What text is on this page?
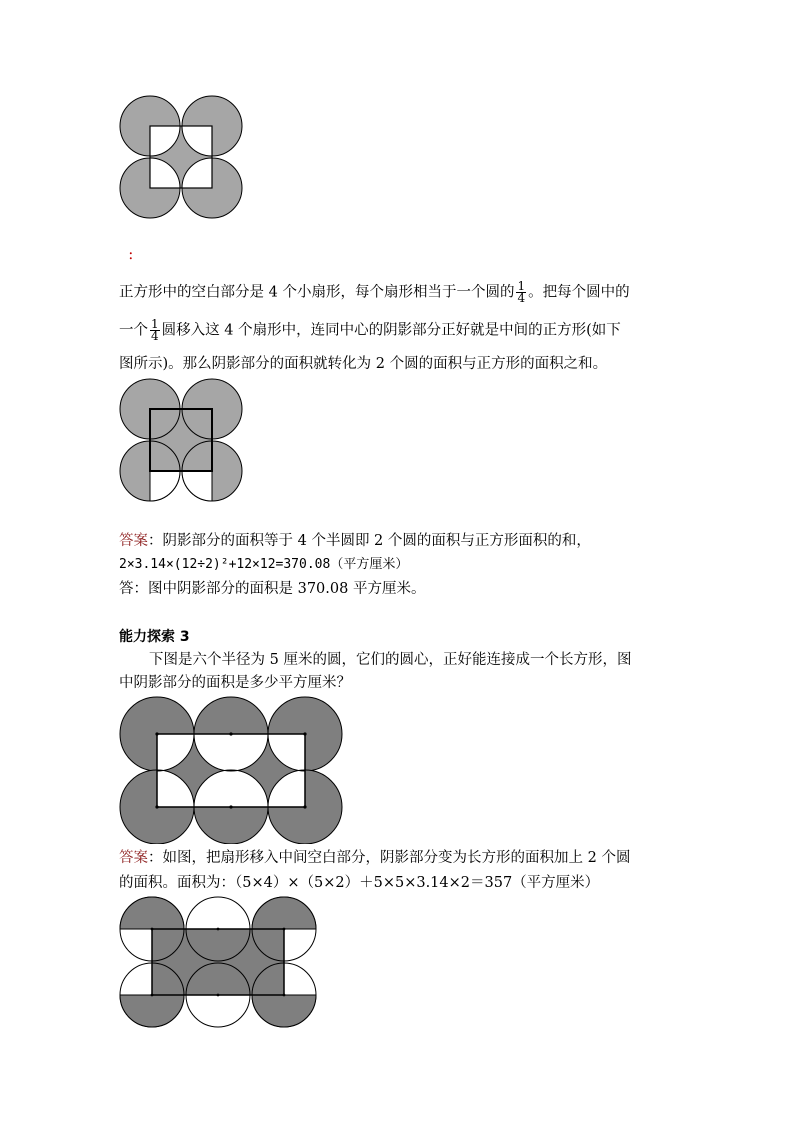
：
正方形中的空白部分是 4 个小扇形，每个扇形相当于一个圆的 $\frac{1}{4}$ 。把每个圆中的
一个 $\frac{1}{4}$ 圆移入这 4 个扇形中，连同中心的阴影部分正好就是中间的正方形(如下
图所示)。那么阴影部分的面积就转化为 2 个圆的面积与正方形的面积之和。
答案：阴影部分的面积等于 4 个半圆即 2 个圆的面积与正方形面积的和，
2×3.14×(12÷2)²+12×12=370.08（平方厘米）
答：图中阴影部分的面积是 370.08 平方厘米。
能力探索 3
下图是六个半径为 5 厘米的圆，它们的圆心，正好能连接成一个长方形，图
中阴影部分的面积是多少平方厘米？
答案：如图，把扇形移入中间空白部分，阴影部分变为长方形的面积加上 2 个圆
的面积。面积为：（5×4）×（5×2）＋5×5×3.14×2＝357（平方厘米）
